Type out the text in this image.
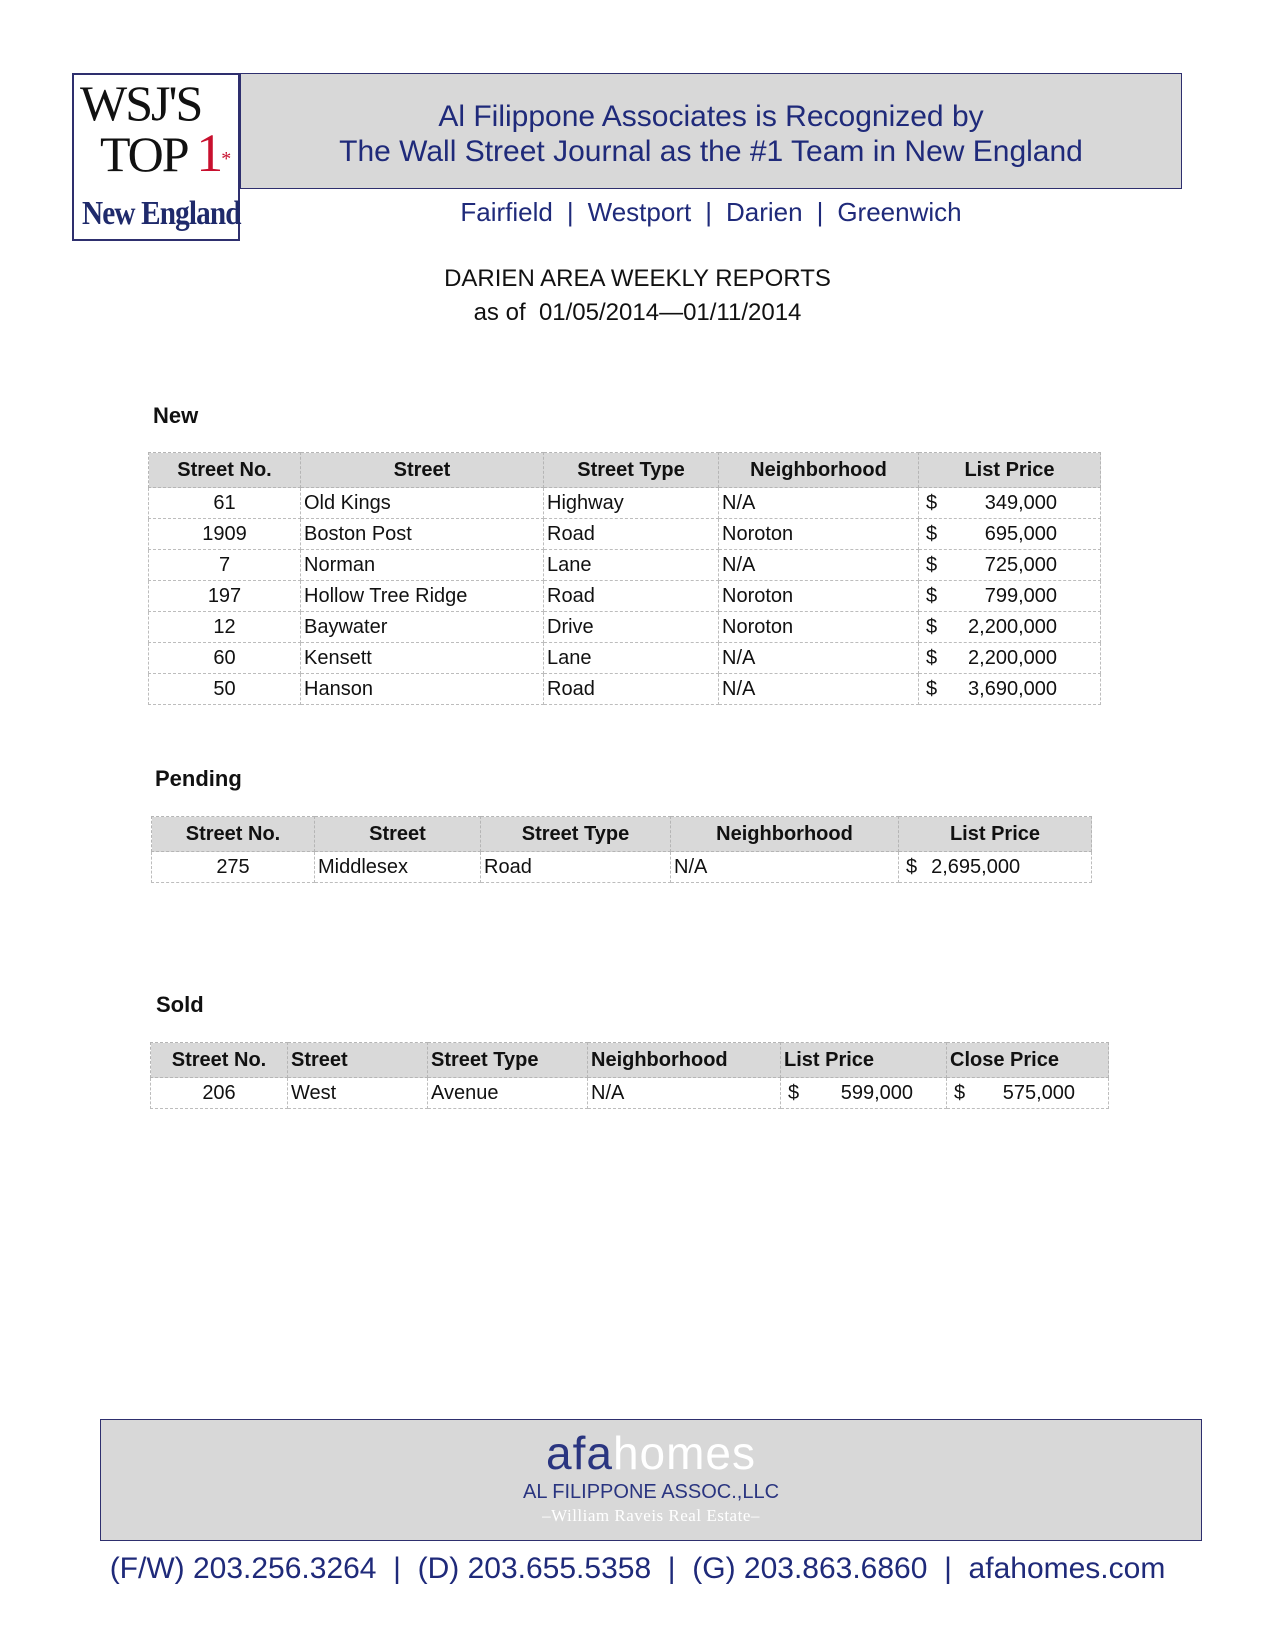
WSJ'S
TOP 1*
New England
Al Filippone Associates is Recognized by
The Wall Street Journal as the #1 Team in New England
Fairfield | Westport | Darien | Greenwich
DARIEN AREA WEEKLY REPORTS
as of  01/05/2014—01/11/2014
New
Street No.	Street	Street Type	Neighborhood	List Price
61	Old Kings	Highway	N/A	$ 349,000

1909	Boston Post	Road	Noroton	$ 695,000

7	Norman	Lane	N/A	$ 725,000

197	Hollow Tree Ridge	Road	Noroton	$ 799,000

12	Baywater	Drive	Noroton	$ 2,200,000

60	Kensett	Lane	N/A	$ 2,200,000

50	Hanson	Road	N/A	$ 3,690,000
Pending
Street No.	Street	Street Type	Neighborhood	List Price
275	Middlesex	Road	N/A	$ 2,695,000
Sold
Street No.	Street	Street Type	Neighborhood	List Price	Close Price
206	West	Avenue	N/A	$ 599,000	$ 575,000
afahomes
AL FILIPPONE ASSOC.,LLC
–William Raveis Real Estate–
(F/W) 203.256.3264  |  (D) 203.655.5358  |  (G) 203.863.6860  |  afahomes.com
